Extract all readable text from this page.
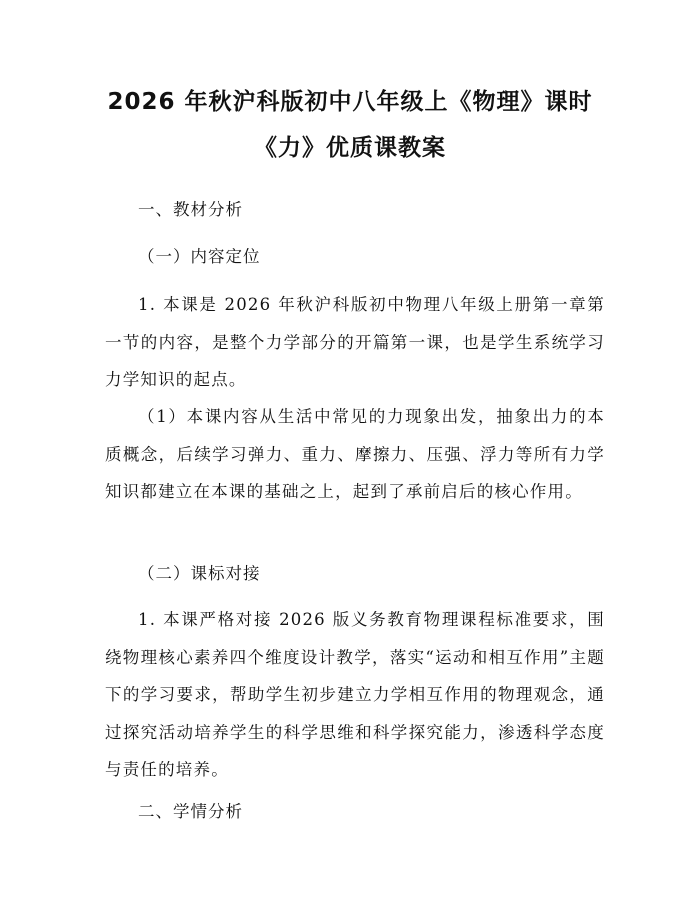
2026 年秋沪科版初中八年级上《物理》课时
《力》优质课教案
一、教材分析
（一）内容定位
1. 本课是 2026 年秋沪科版初中物理八年级上册第一章第一节的内容，是整个力学部分的开篇第一课，也是学生系统学习力学知识的起点。
（1）本课内容从生活中常见的力现象出发，抽象出力的本质概念，后续学习弹力、重力、摩擦力、压强、浮力等所有力学知识都建立在本课的基础之上，起到了承前启后的核心作用。
（二）课标对接
1. 本课严格对接 2026 版义务教育物理课程标准要求，围绕物理核心素养四个维度设计教学，落实“运动和相互作用”主题下的学习要求，帮助学生初步建立力学相互作用的物理观念，通过探究活动培养学生的科学思维和科学探究能力，渗透科学态度与责任的培养。
二、学情分析
